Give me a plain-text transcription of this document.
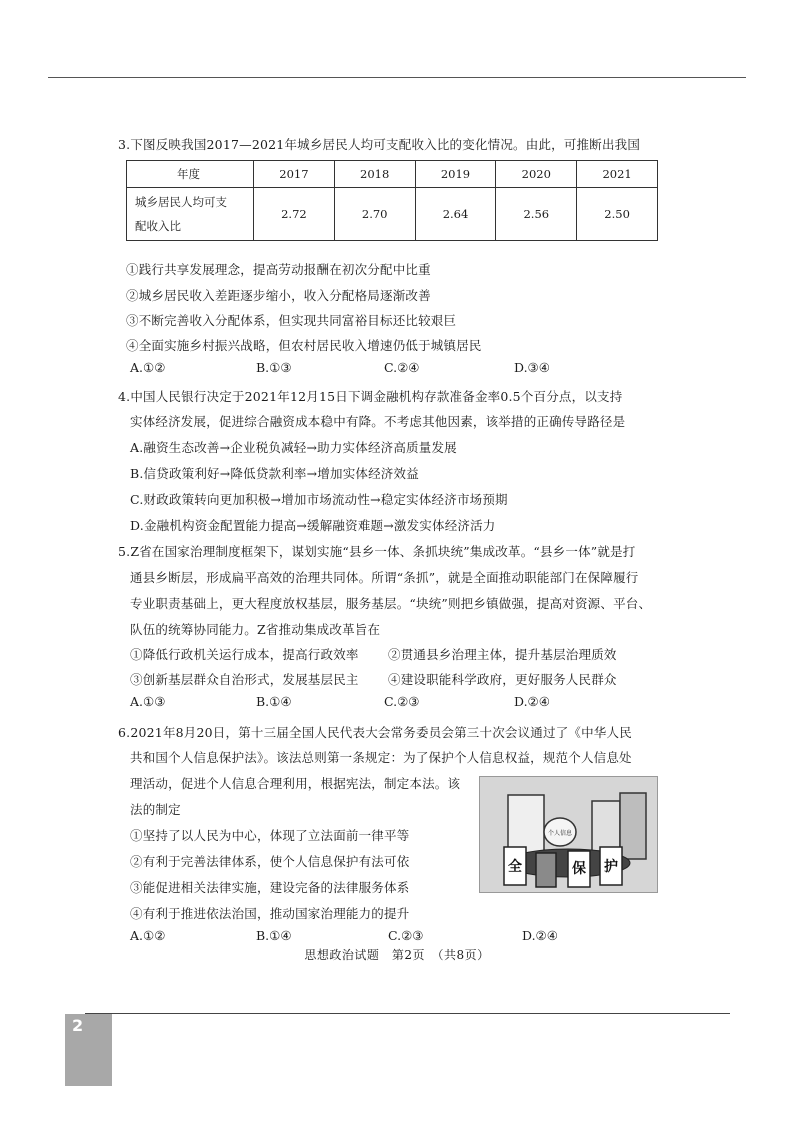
3.下图反映我国2017—2021年城乡居民人均可支配收入比的变化情况。由此，可推断出我国
年度	2017	2018	2019	2020	2021

城乡居民人均可支
配收入比	2.72	2.70	2.64	2.56	2.50
①践行共享发展理念，提高劳动报酬在初次分配中比重
②城乡居民收入差距逐步缩小，收入分配格局逐渐改善
③不断完善收入分配体系，但实现共同富裕目标还比较艰巨
④全面实施乡村振兴战略，但农村居民收入增速仍低于城镇居民
A.①②	B.①③	C.②④	D.③④
4.中国人民银行决定于2021年12月15日下调金融机构存款准备金率0.5个百分点，以支持
实体经济发展，促进综合融资成本稳中有降。不考虑其他因素，该举措的正确传导路径是
A.融资生态改善→企业税负减轻→助力实体经济高质量发展
B.信贷政策利好→降低贷款利率→增加实体经济效益
C.财政政策转向更加积极→增加市场流动性→稳定实体经济市场预期
D.金融机构资金配置能力提高→缓解融资难题→激发实体经济活力
5.Z省在国家治理制度框架下，谋划实施“县乡一体、条抓块统”集成改革。“县乡一体”就是打
通县乡断层，形成扁平高效的治理共同体。所谓“条抓”，就是全面推动职能部门在保障履行
专业职责基础上，更大程度放权基层，服务基层。“块统”则把乡镇做强，提高对资源、平台、
队伍的统筹协同能力。Z省推动集成改革旨在
①降低行政机关运行成本，提高行政效率 ②贯通县乡治理主体，提升基层治理质效
③创新基层群众自治形式，发展基层民主 ④建设职能科学政府，更好服务人民群众
A.①③	B.①④	C.②③	D.②④
6.2021年8月20日，第十三届全国人民代表大会常务委员会第三十次会议通过了《中华人民
共和国个人信息保护法》。该法总则第一条规定：为了保护个人信息权益，规范个人信息处
理活动，促进个人信息合理利用，根据宪法，制定本法。该
法的制定
①坚持了以人民为中心，体现了立法面前一律平等
②有利于完善法律体系，使个人信息保护有法可依
③能促进相关法律实施，建设完备的法律服务体系
④有利于推进依法治国，推动国家治理能力的提升
A.①②	B.①④	C.②③	D.②④
个人信息
全	保 护
思想政治试题　第2页　（共8页）
2
